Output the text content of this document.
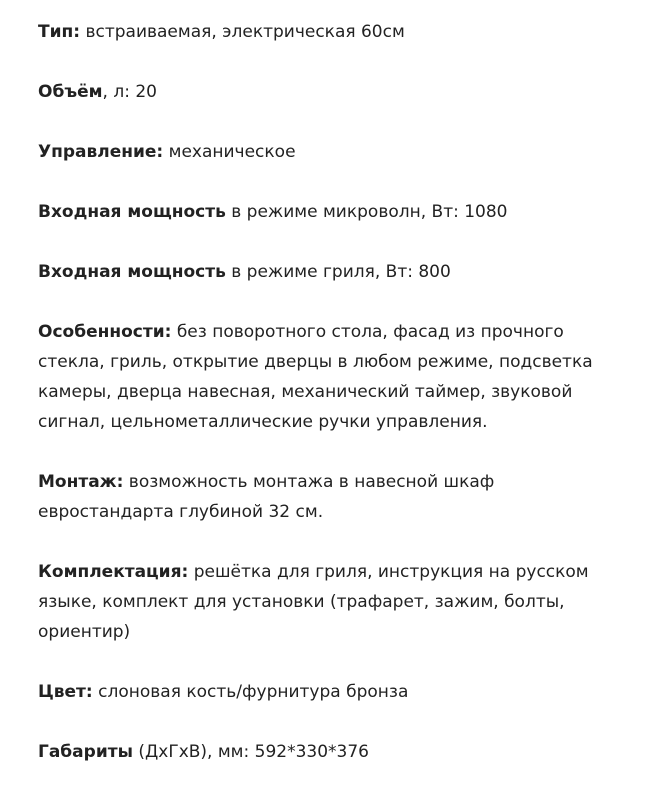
Тип: встраиваемая, электрическая 60см
Объём, л: 20
Управление: механическое
Входная мощность в режиме микроволн, Вт: 1080
Входная мощность в режиме гриля, Вт: 800
Особенности: без поворотного стола, фасад из прочного стекла, гриль, открытие дверцы в любом режиме, подсветка камеры, дверца навесная, механический таймер, звуковой сигнал, цельнометаллические ручки управления.
Монтаж: возможность монтажа в навесной шкаф евростандарта глубиной 32 см.
Комплектация: решётка для гриля, инструкция на русском языке, комплект для установки (трафарет, зажим, болты, ориентир)
Цвет: слоновая кость/фурнитура бронза
Габариты (ДхГхВ), мм: 592*330*376
